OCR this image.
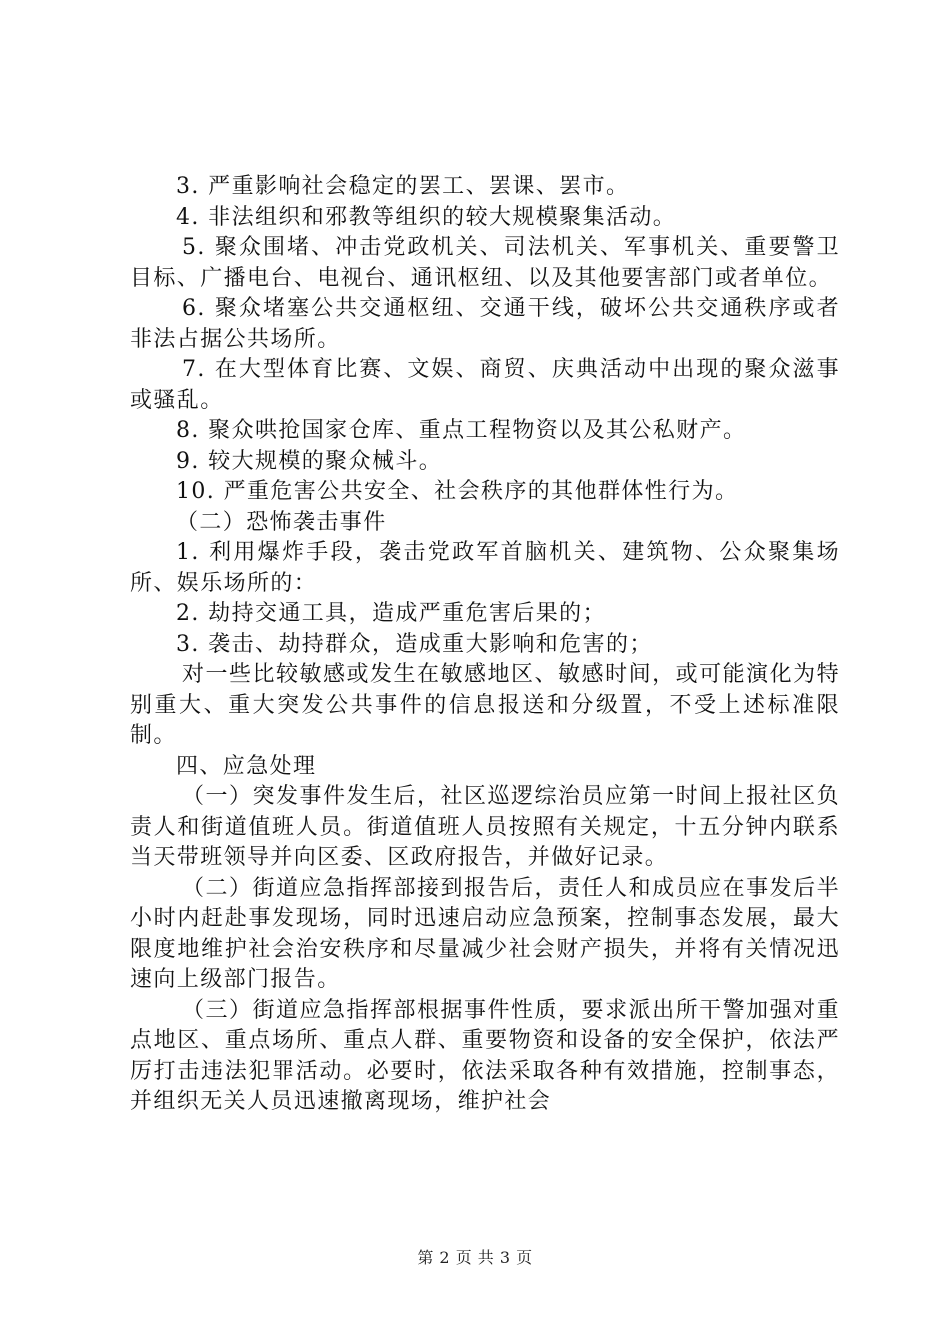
3. 严重影响社会稳定的罢工、罢课、罢市。

4. 非法组织和邪教等组织的较大规模聚集活动。

5. 聚众围堵、冲击党政机关、司法机关、军事机关、重要警卫目标、广播电台、电视台、通讯枢纽、以及其他要害部门或者单位。

6. 聚众堵塞公共交通枢纽、交通干线，破坏公共交通秩序或者非法占据公共场所。

7. 在大型体育比赛、文娱、商贸、庆典活动中出现的聚众滋事或骚乱。

8. 聚众哄抢国家仓库、重点工程物资以及其公私财产。

9. 较大规模的聚众械斗。

10. 严重危害公共安全、社会秩序的其他群体性行为。

（二）恐怖袭击事件

1. 利用爆炸手段，袭击党政军首脑机关、建筑物、公众聚集场所、娱乐场所的：

2. 劫持交通工具，造成严重危害后果的；

3. 袭击、劫持群众，造成重大影响和危害的；

对一些比较敏感或发生在敏感地区、敏感时间，或可能演化为特别重大、重大突发公共事件的信息报送和分级置，不受上述标准限制。

四、应急处理

（一）突发事件发生后，社区巡逻综治员应第一时间上报社区负责人和街道值班人员。街道值班人员按照有关规定，十五分钟内联系当天带班领导并向区委、区政府报告，并做好记录。

（二）街道应急指挥部接到报告后，责任人和成员应在事发后半小时内赶赴事发现场，同时迅速启动应急预案，控制事态发展，最大限度地维护社会治安秩序和尽量减少社会财产损失，并将有关情况迅速向上级部门报告。

（三）街道应急指挥部根据事件性质，要求派出所干警加强对重点地区、重点场所、重点人群、重要物资和设备的安全保护，依法严厉打击违法犯罪活动。必要时，依法采取各种有效措施，控制事态，并组织无关人员迅速撤离现场，维护社会

第 2 页 共 3 页
